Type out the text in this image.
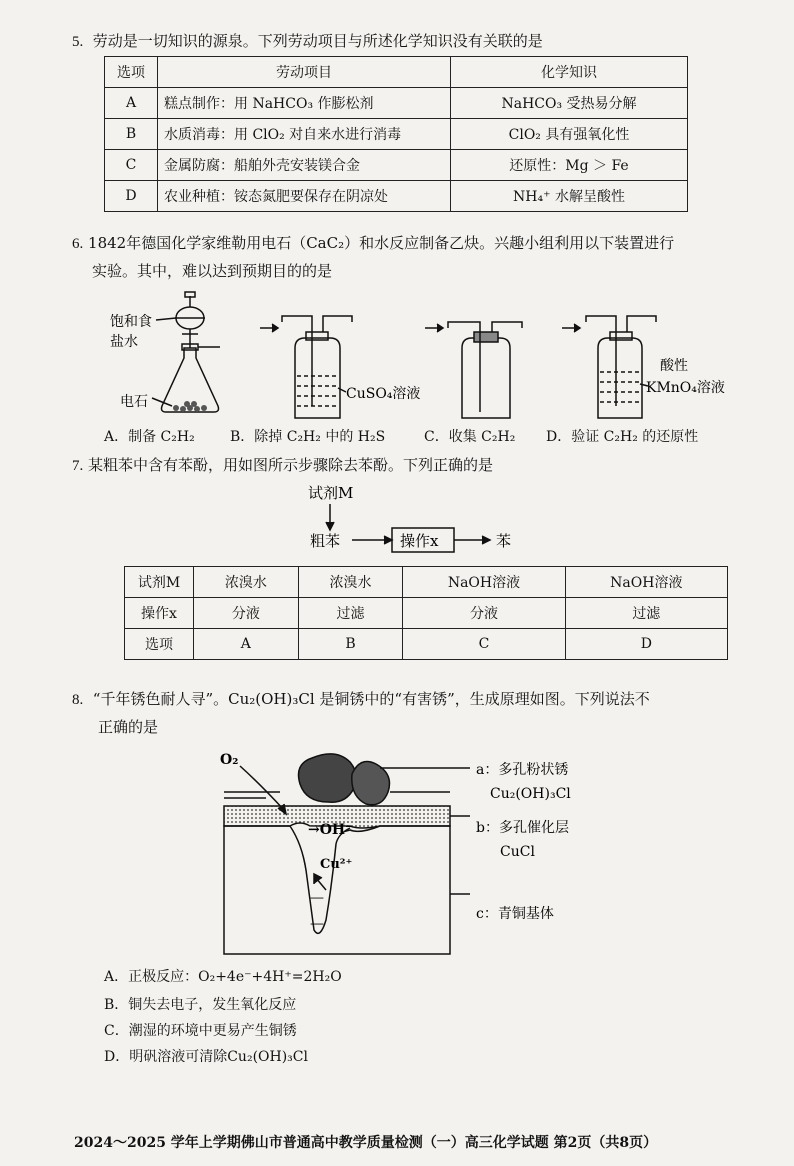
5. 劳动是一切知识的源泉。下列劳动项目与所述化学知识没有关联的是
选项	劳动项目	化学知识
A	糕点制作：用 NaHCO₃ 作膨松剂	NaHCO₃ 受热易分解
B	水质消毒：用 ClO₂ 对自来水进行消毒	ClO₂ 具有强氧化性
C	金属防腐：船舶外壳安装镁合金	还原性：Mg ＞ Fe
D	农业种植：铵态氮肥要保存在阴凉处	NH₄⁺ 水解呈酸性
6. 1842年德国化学家维勒用电石（CaC₂）和水反应制备乙炔。兴趣小组利用以下装置进行
实验。其中，难以达到预期目的的是
饱和食
盐水
电石	CuSO₄溶液
酸性
KMnO₄溶液
A．制备 C₂H₂	B．除掉 C₂H₂ 中的 H₂S	C．收集 C₂H₂ D．验证 C₂H₂ 的还原性
7. 某粗苯中含有苯酚，用如图所示步骤除去苯酚。下列正确的是
试剂M
粗苯	操作x	苯
试剂M	浓溴水	浓溴水	NaOH溶液	NaOH溶液
操作x	分液	过滤	分液	过滤
选项	A	B	C	D
8. “千年锈色耐人寻”。Cu₂(OH)₃Cl 是铜锈中的“有害锈”，生成原理如图。下列说法不
正确的是
—
—
O₂
→OH⁻
Cu²⁺
a：多孔粉状锈
Cu₂(OH)₃Cl
b：多孔催化层
CuCl
c：青铜基体
A．正极反应：O₂+4e⁻+4H⁺=2H₂O
B．铜失去电子，发生氧化反应
C．潮湿的环境中更易产生铜锈
D．明矾溶液可清除Cu₂(OH)₃Cl
2024～2025 学年上学期佛山市普通高中教学质量检测（一）高三化学试题 第2页（共8页）
